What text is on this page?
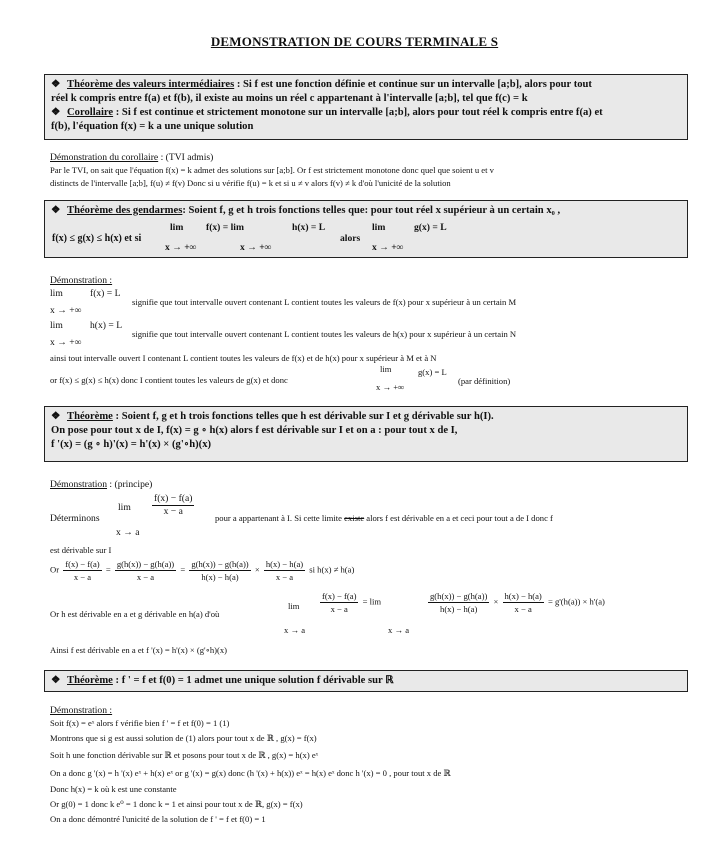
DEMONSTRATION DE COURS TERMINALE S
❖ Théorème des valeurs intermédiaires : Si f est une fonction définie et continue sur un intervalle [a;b], alors pour tout
réel k compris entre f(a) et f(b), il existe au moins un réel c appartenant à l'intervalle [a;b], tel que f(c) = k
❖ Corollaire : Si f est continue et strictement monotone sur un intervalle [a;b], alors pour tout réel k compris entre f(a) et
f(b), l'équation f(x) = k a une unique solution
Démonstration du corollaire : (TVI admis)
Par le TVI, on sait que l'équation f(x) = k admet des solutions sur [a;b]. Or f est strictement monotone donc quel que soient u et v
distincts de l'intervalle [a;b], f(u) ≠ f(v) Donc si u vérifie f(u) = k et si u ≠ v alors f(v) ≠ k d'où l'unicité de la solution
❖ Théorème des gendarmes: Soient f, g et h trois fonctions telles que: pour tout réel x supérieur à un certain x₀ ,
f(x) ≤ g(x) ≤ h(x) et si
lim
x → +∞
f(x) = lim
x → +∞
h(x) = L
alors
lim
x → +∞
g(x) = L
Démonstration :
lim	f(x) = L
x → +∞
signifie que tout intervalle ouvert contenant L contient toutes les valeurs de f(x) pour x supérieur à un certain M
lim	h(x) = L
x → +∞
signifie que tout intervalle ouvert contenant L contient toutes les valeurs de h(x) pour x supérieur à un certain N
ainsi tout intervalle ouvert I contenant L contient toutes les valeurs de f(x) et de h(x) pour x supérieur à M et à N
or f(x) ≤ g(x) ≤ h(x) donc I contient toutes les valeurs de g(x) et donc
lim
x → +∞
g(x) = L
(par définition)
❖ Théorème : Soient f, g et h trois fonctions telles que h est dérivable sur I et g dérivable sur h(I).
On pose pour tout x de I, f(x) = g ∘ h(x) alors f est dérivable sur I et on a : pour tout x de I,
f '(x) = (g ∘ h)'(x) = h'(x) × (g'∘h)(x)
Démonstration : (principe)
Déterminons
lim
x → a
$\frac{f(x) - f(a)}{x - a}$ pour a appartenant à I. Si cette limite existe alors f est dérivable en a et ceci pour tout a de I donc f
est dérivable sur I
Or $\frac{f(x) - f(a)}{x - a} = \frac{g(h(x)) - g(h(a))}{x - a} = \frac{g(h(x)) - g(h(a))}{h(x) - h(a)} \times \frac{h(x) - h(a)}{x - a}$ si h(x) ≠ h(a)
Or h est dérivable en a et g dérivable en h(a) d'où
lim
x → a
$\frac{f(x) - f(a)}{x - a} = \lim$
x → a
$\frac{g(h(x)) - g(h(a))}{h(x) - h(a)} \times \frac{h(x) - h(a)}{x - a} = g'(h(a)) \times h'(a)$
Ainsi f est dérivable en a et f '(x) = h'(x) × (g'∘h)(x)
❖ Théorème : f ' = f et f(0) = 1 admet une unique solution f dérivable sur ℝ
Démonstration :
Soit f(x) = eˣ alors f vérifie bien f ' = f et f(0) = 1 (1)
Montrons que si g est aussi solution de (1) alors pour tout x de ℝ , g(x) = f(x)
Soit h une fonction dérivable sur ℝ et posons pour tout x de ℝ , g(x) = h(x) eˣ
On a donc g '(x) = h '(x) eˣ + h(x) eˣ or g '(x) = g(x) donc (h '(x) + h(x)) eˣ = h(x) eˣ donc h '(x) = 0 , pour tout x de ℝ
Donc h(x) = k où k est une constante
Or g(0) = 1 donc k e⁰ = 1 donc k = 1 et ainsi pour tout x de ℝ, g(x) = f(x)
On a donc démontré l'unicité de la solution de f ' = f et f(0) = 1
